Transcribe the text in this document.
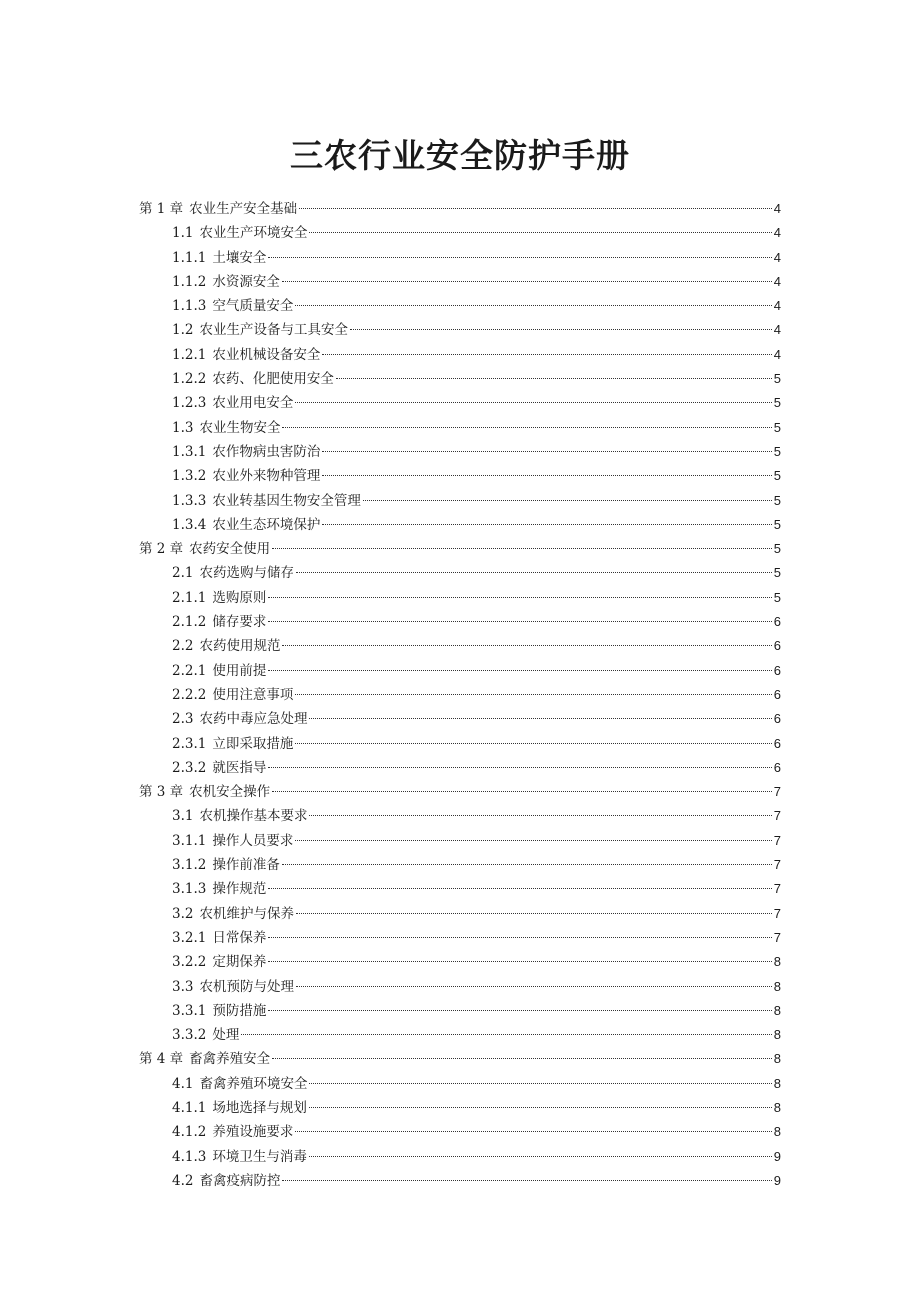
三农行业安全防护手册
第 1 章 农业生产安全基础	4
1.1 农业生产环境安全	4
1.1.1 土壤安全	4
1.1.2 水资源安全	4
1.1.3 空气质量安全	4
1.2 农业生产设备与工具安全	4
1.2.1 农业机械设备安全	4
1.2.2 农药、化肥使用安全	5
1.2.3 农业用电安全	5
1.3 农业生物安全	5
1.3.1 农作物病虫害防治	5
1.3.2 农业外来物种管理	5
1.3.3 农业转基因生物安全管理	5
1.3.4 农业生态环境保护	5
第 2 章 农药安全使用	5
2.1 农药选购与储存	5
2.1.1 选购原则	5
2.1.2 储存要求	6
2.2 农药使用规范	6
2.2.1 使用前提	6
2.2.2 使用注意事项	6
2.3 农药中毒应急处理	6
2.3.1 立即采取措施	6
2.3.2 就医指导	6
第 3 章 农机安全操作	7
3.1 农机操作基本要求	7
3.1.1 操作人员要求	7
3.1.2 操作前准备	7
3.1.3 操作规范	7
3.2 农机维护与保养	7
3.2.1 日常保养	7
3.2.2 定期保养	8
3.3 农机预防与处理	8
3.3.1 预防措施	8
3.3.2 处理	8
第 4 章 畜禽养殖安全	8
4.1 畜禽养殖环境安全	8
4.1.1 场地选择与规划	8
4.1.2 养殖设施要求	8
4.1.3 环境卫生与消毒	9
4.2 畜禽疫病防控	9
